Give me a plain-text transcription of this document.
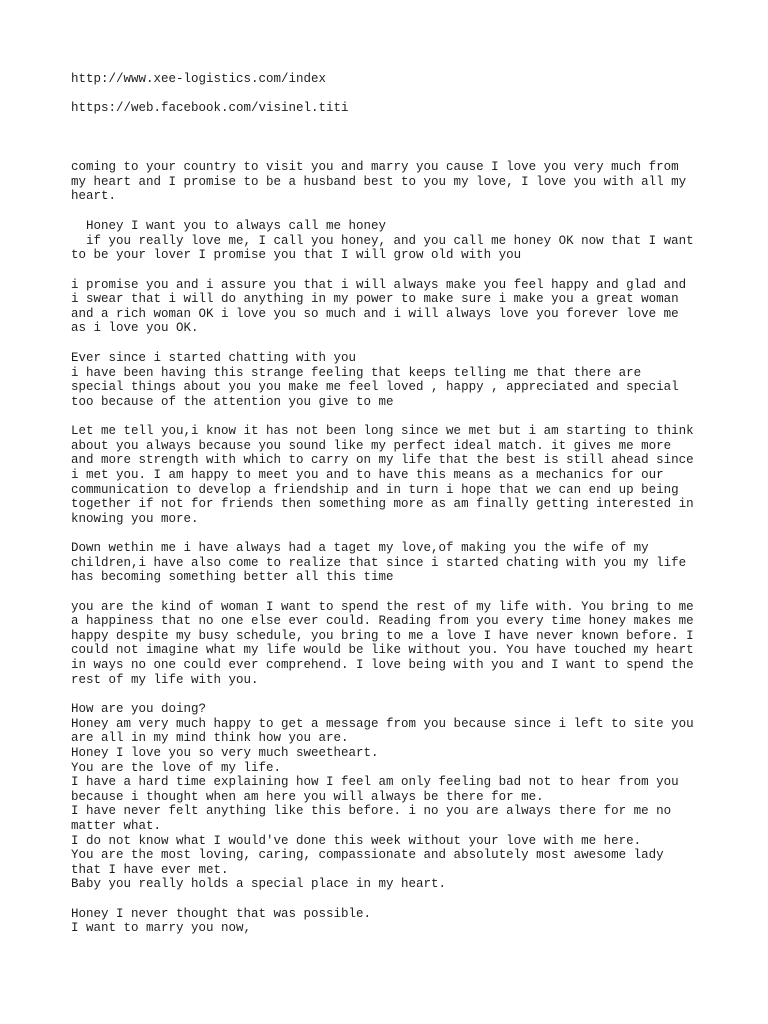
http://www.xee-logistics.com/index

https://web.facebook.com/visinel.titi

coming to your country to visit you and marry you cause I love you very much from

my heart and I promise to be a husband best to you my love, I love you with all my

heart.

Honey I want you to always call me honey

if you really love me, I call you honey, and you call me honey OK now that I want

to be your lover I promise you that I will grow old with you

i promise you and i assure you that i will always make you feel happy and glad and

i swear that i will do anything in my power to make sure i make you a great woman

and a rich woman OK i love you so much and i will always love you forever love me

as i love you OK.

Ever since i started chatting with you

i have been having this strange feeling that keeps telling me that there are

special things about you you make me feel loved , happy , appreciated and special

too because of the attention you give to me

Let me tell you,i know it has not been long since we met but i am starting to think

about you always because you sound like my perfect ideal match. it gives me more

and more strength with which to carry on my life that the best is still ahead since

i met you. I am happy to meet you and to have this means as a mechanics for our

communication to develop a friendship and in turn i hope that we can end up being

together if not for friends then something more as am finally getting interested in

knowing you more.

Down wethin me i have always had a taget my love,of making you the wife of my

children,i have also come to realize that since i started chating with you my life

has becoming something better all this time

you are the kind of woman I want to spend the rest of my life with. You bring to me

a happiness that no one else ever could. Reading from you every time honey makes me

happy despite my busy schedule, you bring to me a love I have never known before. I

could not imagine what my life would be like without you. You have touched my heart

in ways no one could ever comprehend. I love being with you and I want to spend the

rest of my life with you.

How are you doing?

Honey am very much happy to get a message from you because since i left to site you

are all in my mind think how you are.

Honey I love you so very much sweetheart.

You are the love of my life.

I have a hard time explaining how I feel am only feeling bad not to hear from you

because i thought when am here you will always be there for me.

I have never felt anything like this before. i no you are always there for me no

matter what.

I do not know what I would've done this week without your love with me here.

You are the most loving, caring, compassionate and absolutely most awesome lady

that I have ever met.

Baby you really holds a special place in my heart.

Honey I never thought that was possible.

I want to marry you now,
